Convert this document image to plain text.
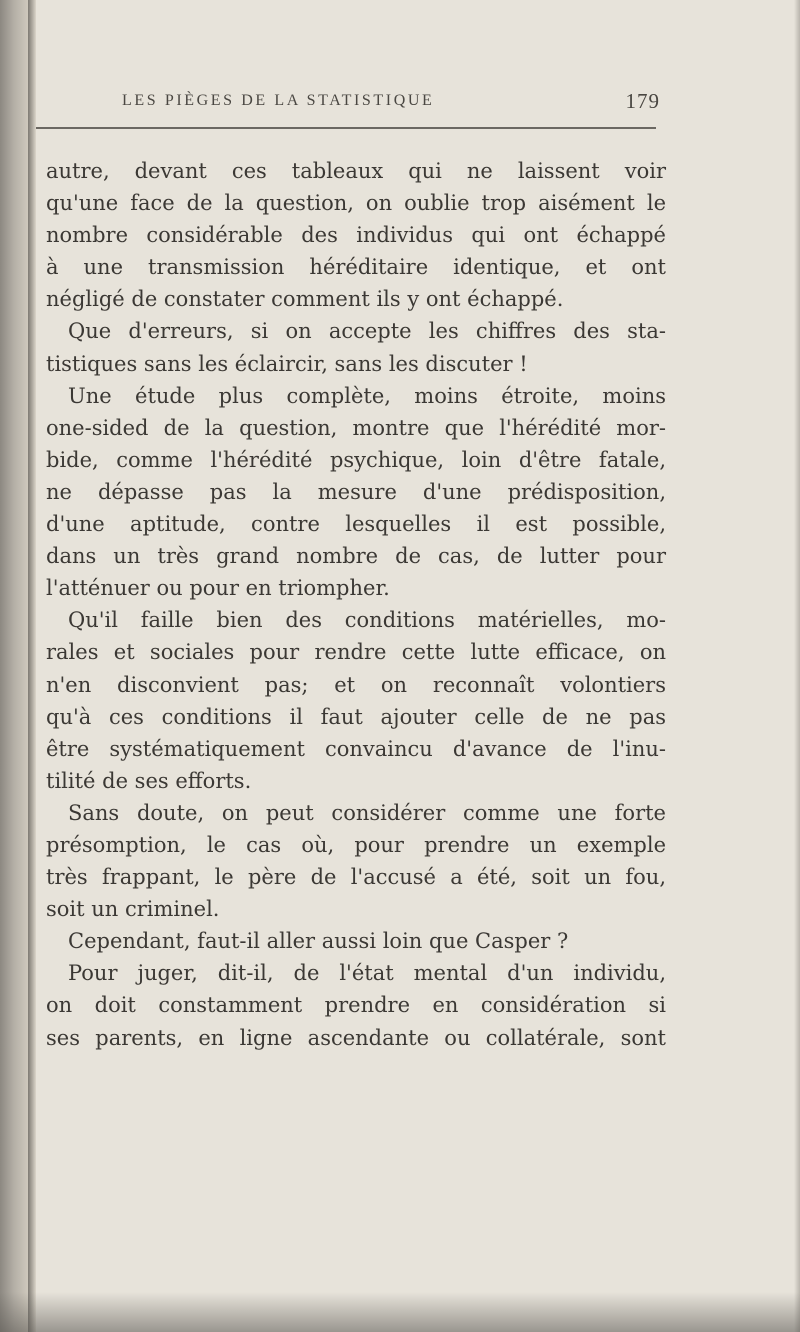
LES PIÈGES DE LA STATISTIQUE	179
autre, devant ces tableaux qui ne laissent voir
qu'une face de la question, on oublie trop aisément le
nombre considérable des individus qui ont échappé
à une transmission héréditaire identique, et ont
négligé de constater comment ils y ont échappé.
Que d'erreurs, si on accepte les chiffres des sta-
tistiques sans les éclaircir, sans les discuter !
Une étude plus complète, moins étroite, moins
one-sided de la question, montre que l'hérédité mor-
bide, comme l'hérédité psychique, loin d'être fatale,
ne dépasse pas la mesure d'une prédisposition,
d'une aptitude, contre lesquelles il est possible,
dans un très grand nombre de cas, de lutter pour
l'atténuer ou pour en triompher.
Qu'il faille bien des conditions matérielles, mo-
rales et sociales pour rendre cette lutte efficace, on
n'en disconvient pas; et on reconnaît volontiers
qu'à ces conditions il faut ajouter celle de ne pas
être systématiquement convaincu d'avance de l'inu-
tilité de ses efforts.
Sans doute, on peut considérer comme une forte
présomption, le cas où, pour prendre un exemple
très frappant, le père de l'accusé a été, soit un fou,
soit un criminel.
Cependant, faut-il aller aussi loin que Casper ?
Pour juger, dit-il, de l'état mental d'un individu,
on doit constamment prendre en considération si
ses parents, en ligne ascendante ou collatérale, sont
